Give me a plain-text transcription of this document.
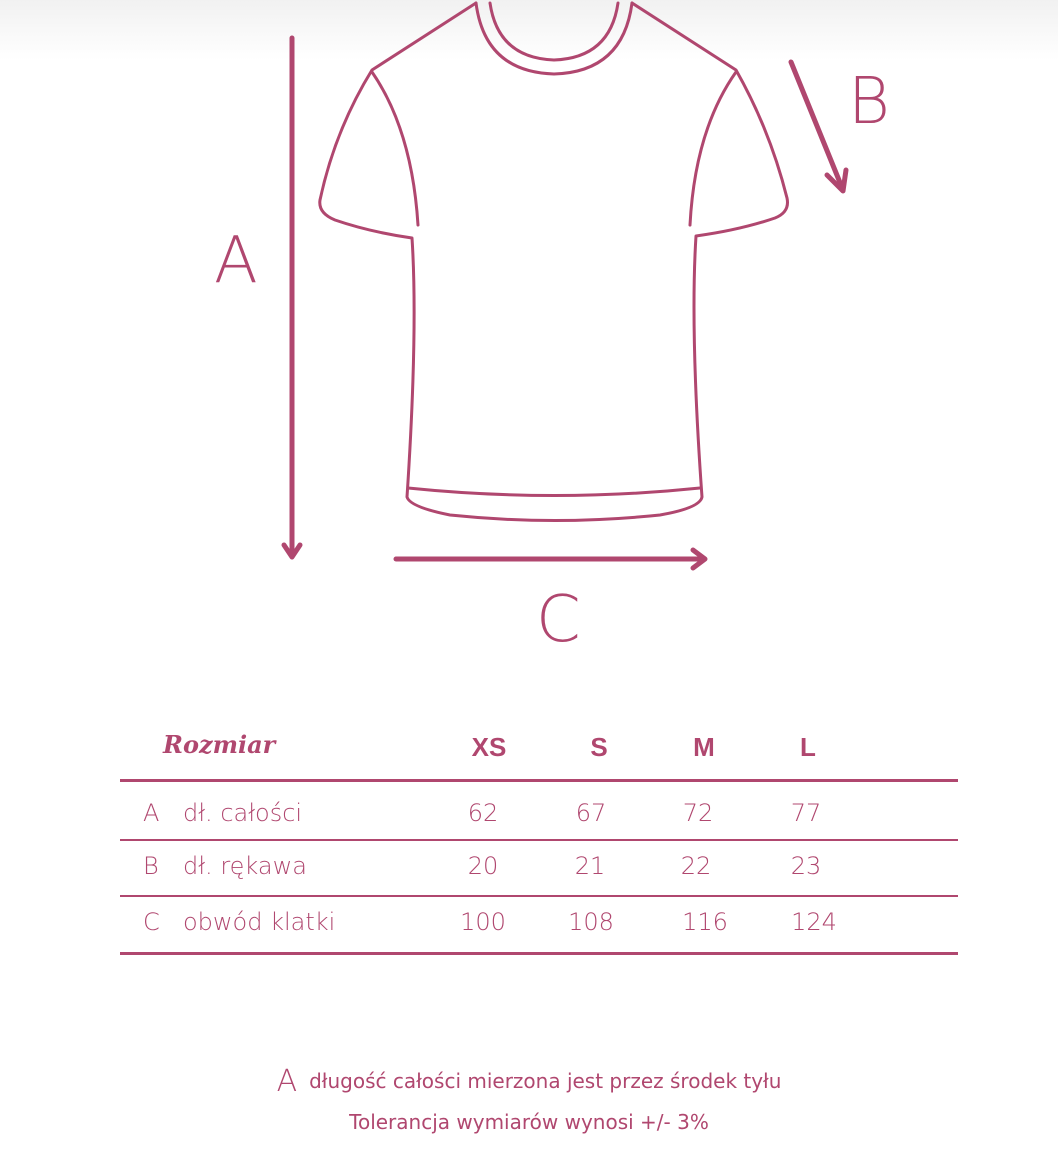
A
B
C
Rozmiar	XS	S	M	L
A dł. całości	62	67	72	77
B dł. rękawa	20	21	22	23
C obwód klatki	100	108	116	124
Adługość całości mierzona jest przez środek tyłu
Tolerancja wymiarów wynosi +/- 3%
